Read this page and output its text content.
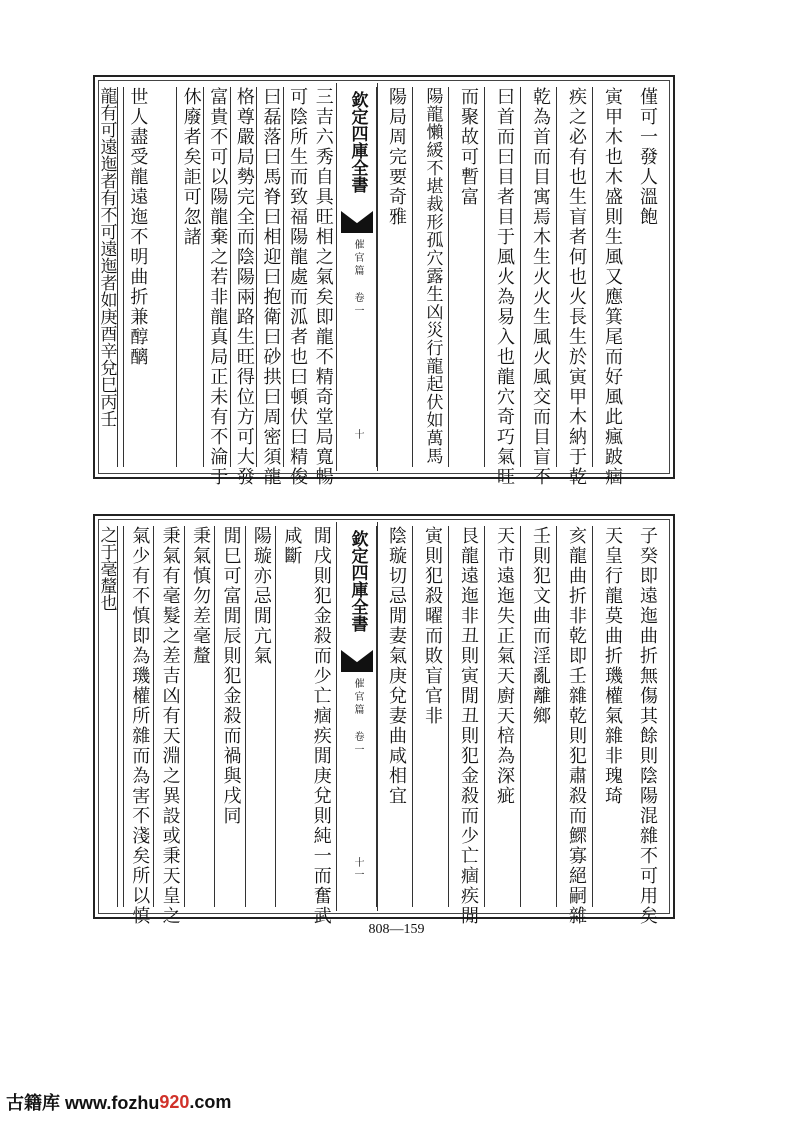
僅可一發人溫飽
寅甲木也木盛則生風又應箕尾而好風此瘋跛痼
疾之必有也生盲者何也火長生於寅甲木納于乾
乾為首而目寓焉木生火火生風火風交而目盲不
曰首而曰目者目于風火為易入也龍穴奇巧氣旺
而聚故可暫富
陽龍懶緩不堪裁形孤穴露生凶災行龍起伏如萬馬
陽局周完要奇雅
欽定四庫全書
催官篇 卷一
十
三吉六秀自具旺相之氣矣即龍不精奇堂局寬暢
可陰所生而致福陽龍處而泒者也曰頓伏曰精俊
曰磊落曰馬脊曰相迎曰抱衛曰砂拱曰周密須龍
格尊嚴局勢完全而陰陽兩路生旺得位方可大發
富貴不可以陽龍棄之若非龍真局正未有不淪于
休廢者矣詎可忽諸
世人盡受龍遠迤不明曲折兼醇醨
子癸即遠迤曲折無傷其餘則陰陽混雜不可用矣
天皇行龍莫曲折璣權氣雜非瑰琦
亥龍曲折非乾即壬雜乾則犯肅殺而鰥寡絕嗣雜
壬則犯文曲而淫亂離鄉
天市遠迤失正氣天廚天棓為深疵
艮龍遠迤非丑則寅閒丑則犯金殺而少亡痼疾閒
寅則犯殺曜而敗盲官非
陰璇切忌閒妻氣庚兌妻曲咸相宜
欽定四庫全書
催官篇 卷一
十一
閒戌則犯金殺而少亡痼疾閒庚兌則純一而奮武
咸斷
陽璇亦忌閒亢氣
閒巳可富閒辰則犯金殺而禍與戌同
秉氣慎勿差毫釐
秉氣有毫髮之差吉凶有天淵之異設或秉天皇之
氣少有不慎即為璣權所雜而為害不淺矣所以慎
龍有可遠迤者有不可遠迤者如庚酉辛兌巳丙壬
之于毫釐也
808—159
古籍库 www.fozhu 920 .com
